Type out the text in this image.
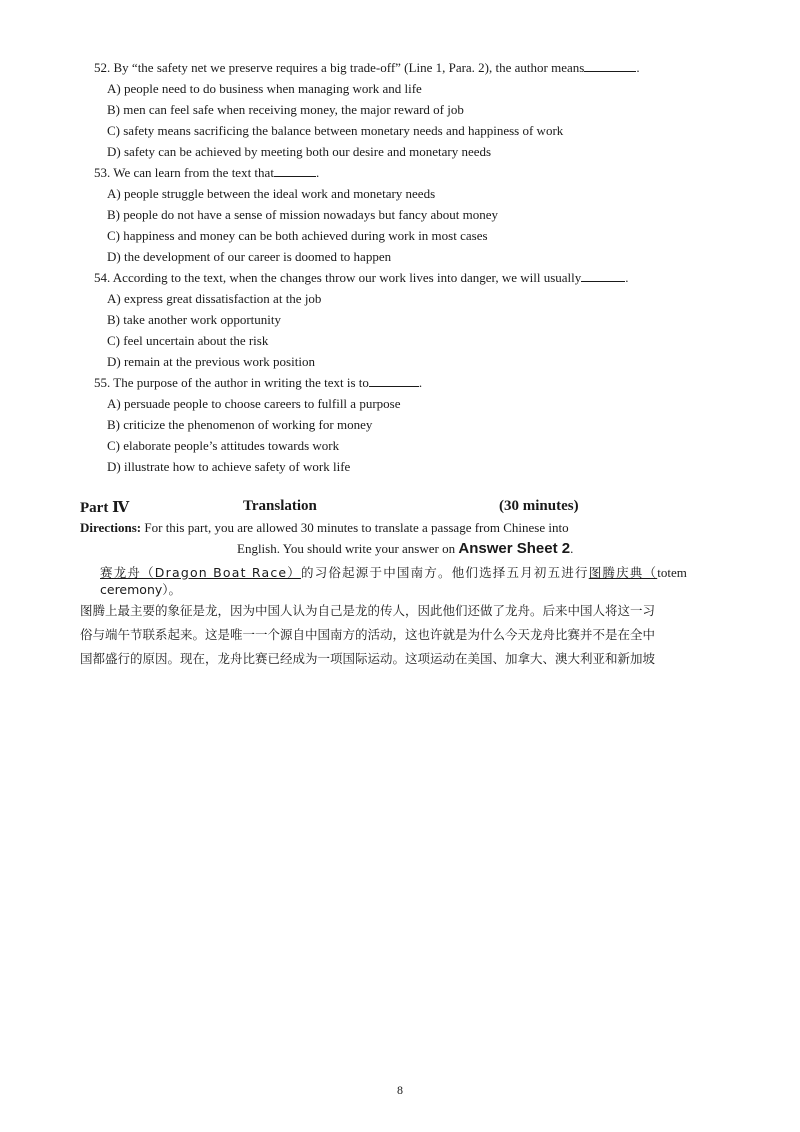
52. By “the safety net we preserve requires a big trade-off” (Line 1, Para. 2), the author means	.
A) people need to do business when managing work and life
B) men can feel safe when receiving money, the major reward of job
C) safety means sacrificing the balance between monetary needs and happiness of work
D) safety can be achieved by meeting both our desire and monetary needs
53. We can learn from the text that	.
A) people struggle between the ideal work and monetary needs
B) people do not have a sense of mission nowadays but fancy about money
C) happiness and money can be both achieved during work in most cases
D) the development of our career is doomed to happen
54. According to the text, when the changes throw our work lives into danger, we will usually	.
A) express great dissatisfaction at the job
B) take another work opportunity
C) feel uncertain about the risk
D) remain at the previous work position
55. The purpose of the author in writing the text is to	.
A) persuade people to choose careers to fulfill a purpose
B) criticize the phenomenon of working for money
C) elaborate people’s attitudes towards work
D) illustrate how to achieve safety of work life
Part Ⅳ	Translation	(30 minutes)
Directions: For this part, you are allowed 30 minutes to translate a passage from Chinese into
English. You should write your answer on Answer Sheet 2.
赛龙舟（Dragon Boat Race）的习俗起源于中国南方。他们选择五月初五进行图腾庆典（totem
ceremony）。
图腾上最主要的象征是龙，因为中国人认为自己是龙的传人，因此他们还做了龙舟。后来中国人将这一习
俗与端午节联系起来。这是唯一一个源自中国南方的活动，这也许就是为什么今天龙舟比赛并不是在全中
国都盛行的原因。现在，龙舟比赛已经成为一项国际运动。这项运动在美国、加拿大、澳大利亚和新加坡
8
